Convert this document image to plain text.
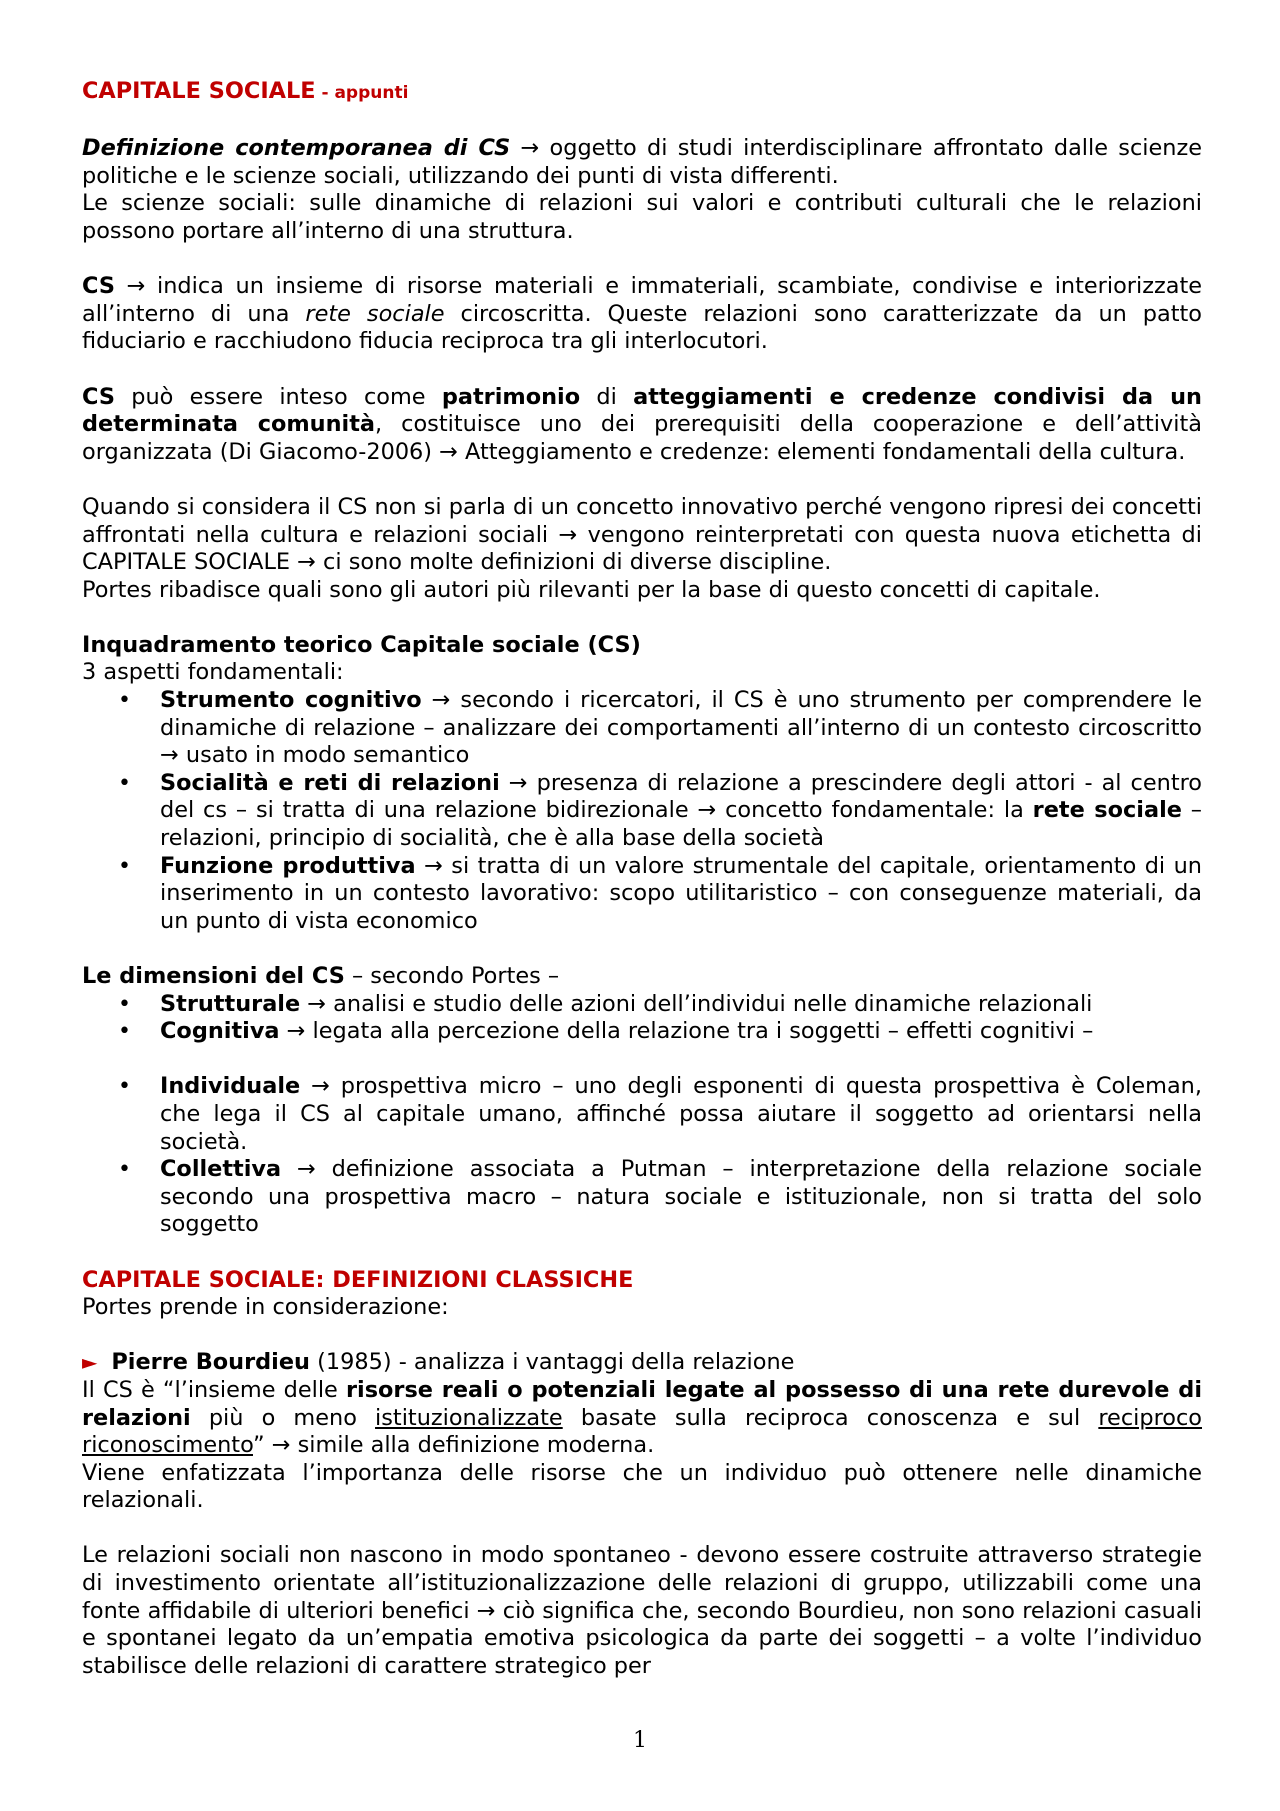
CAPITALE SOCIALE - appunti

Definizione contemporanea di CS → oggetto di studi interdisciplinare affrontato dalle scienze politiche e le scienze sociali, utilizzando dei punti di vista differenti.

Le scienze sociali: sulle dinamiche di relazioni sui valori e contributi culturali che le relazioni possono portare all’interno di una struttura.

CS → indica un insieme di risorse materiali e immateriali, scambiate, condivise e interiorizzate all’interno di una rete sociale circoscritta. Queste relazioni sono caratterizzate da un patto fiduciario e racchiudono fiducia reciproca tra gli interlocutori.

CS può essere inteso come patrimonio di atteggiamenti e credenze condivisi da un determinata comunità, costituisce uno dei prerequisiti della cooperazione e dell’attività organizzata (Di Giacomo-2006) → Atteggiamento e credenze: elementi fondamentali della cultura.

Quando si considera il CS non si parla di un concetto innovativo perché vengono ripresi dei concetti affrontati nella cultura e relazioni sociali → vengono reinterpretati con questa nuova etichetta di CAPITALE SOCIALE → ci sono molte definizioni di diverse discipline.

Portes ribadisce quali sono gli autori più rilevanti per la base di questo concetti di capitale.

Inquadramento teorico Capitale sociale (CS)

3 aspetti fondamentali:

• Strumento cognitivo → secondo i ricercatori, il CS è uno strumento per comprendere le dinamiche di relazione – analizzare dei comportamenti all’interno di un contesto circoscritto → usato in modo semantico
• Socialità e reti di relazioni → presenza di relazione a prescindere degli attori - al centro del cs – si tratta di una relazione bidirezionale → concetto fondamentale: la rete sociale – relazioni, principio di socialità, che è alla base della società
• Funzione produttiva → si tratta di un valore strumentale del capitale, orientamento di un inserimento in un contesto lavorativo: scopo utilitaristico – con conseguenze materiali, da un punto di vista economico

Le dimensioni del CS – secondo Portes –

• Strutturale → analisi e studio delle azioni dell’individui nelle dinamiche relazionali
• Cognitiva → legata alla percezione della relazione tra i soggetti – effetti cognitivi –
• Individuale → prospettiva micro – uno degli esponenti di questa prospettiva è Coleman, che lega il CS al capitale umano, affinché possa aiutare il soggetto ad orientarsi nella società.
• Collettiva → definizione associata a Putman – interpretazione della relazione sociale secondo una prospettiva macro – natura sociale e istituzionale, non si tratta del solo soggetto

CAPITALE SOCIALE: DEFINIZIONI CLASSICHE

Portes prende in considerazione:

► Pierre Bourdieu (1985) - analizza i vantaggi della relazione

Il CS è “l’insieme delle risorse reali o potenziali legate al possesso di una rete durevole di relazioni più o meno istituzionalizzate basate sulla reciproca conoscenza e sul reciproco riconoscimento” → simile alla definizione moderna.

Viene enfatizzata l’importanza delle risorse che un individuo può ottenere nelle dinamiche relazionali.

Le relazioni sociali non nascono in modo spontaneo - devono essere costruite attraverso strategie di investimento orientate all’istituzionalizzazione delle relazioni di gruppo, utilizzabili come una fonte affidabile di ulteriori benefici → ciò significa che, secondo Bourdieu, non sono relazioni casuali e spontanei legato da un’empatia emotiva psicologica da parte dei soggetti – a volte l’individuo stabilisce delle relazioni di carattere strategico per

1
